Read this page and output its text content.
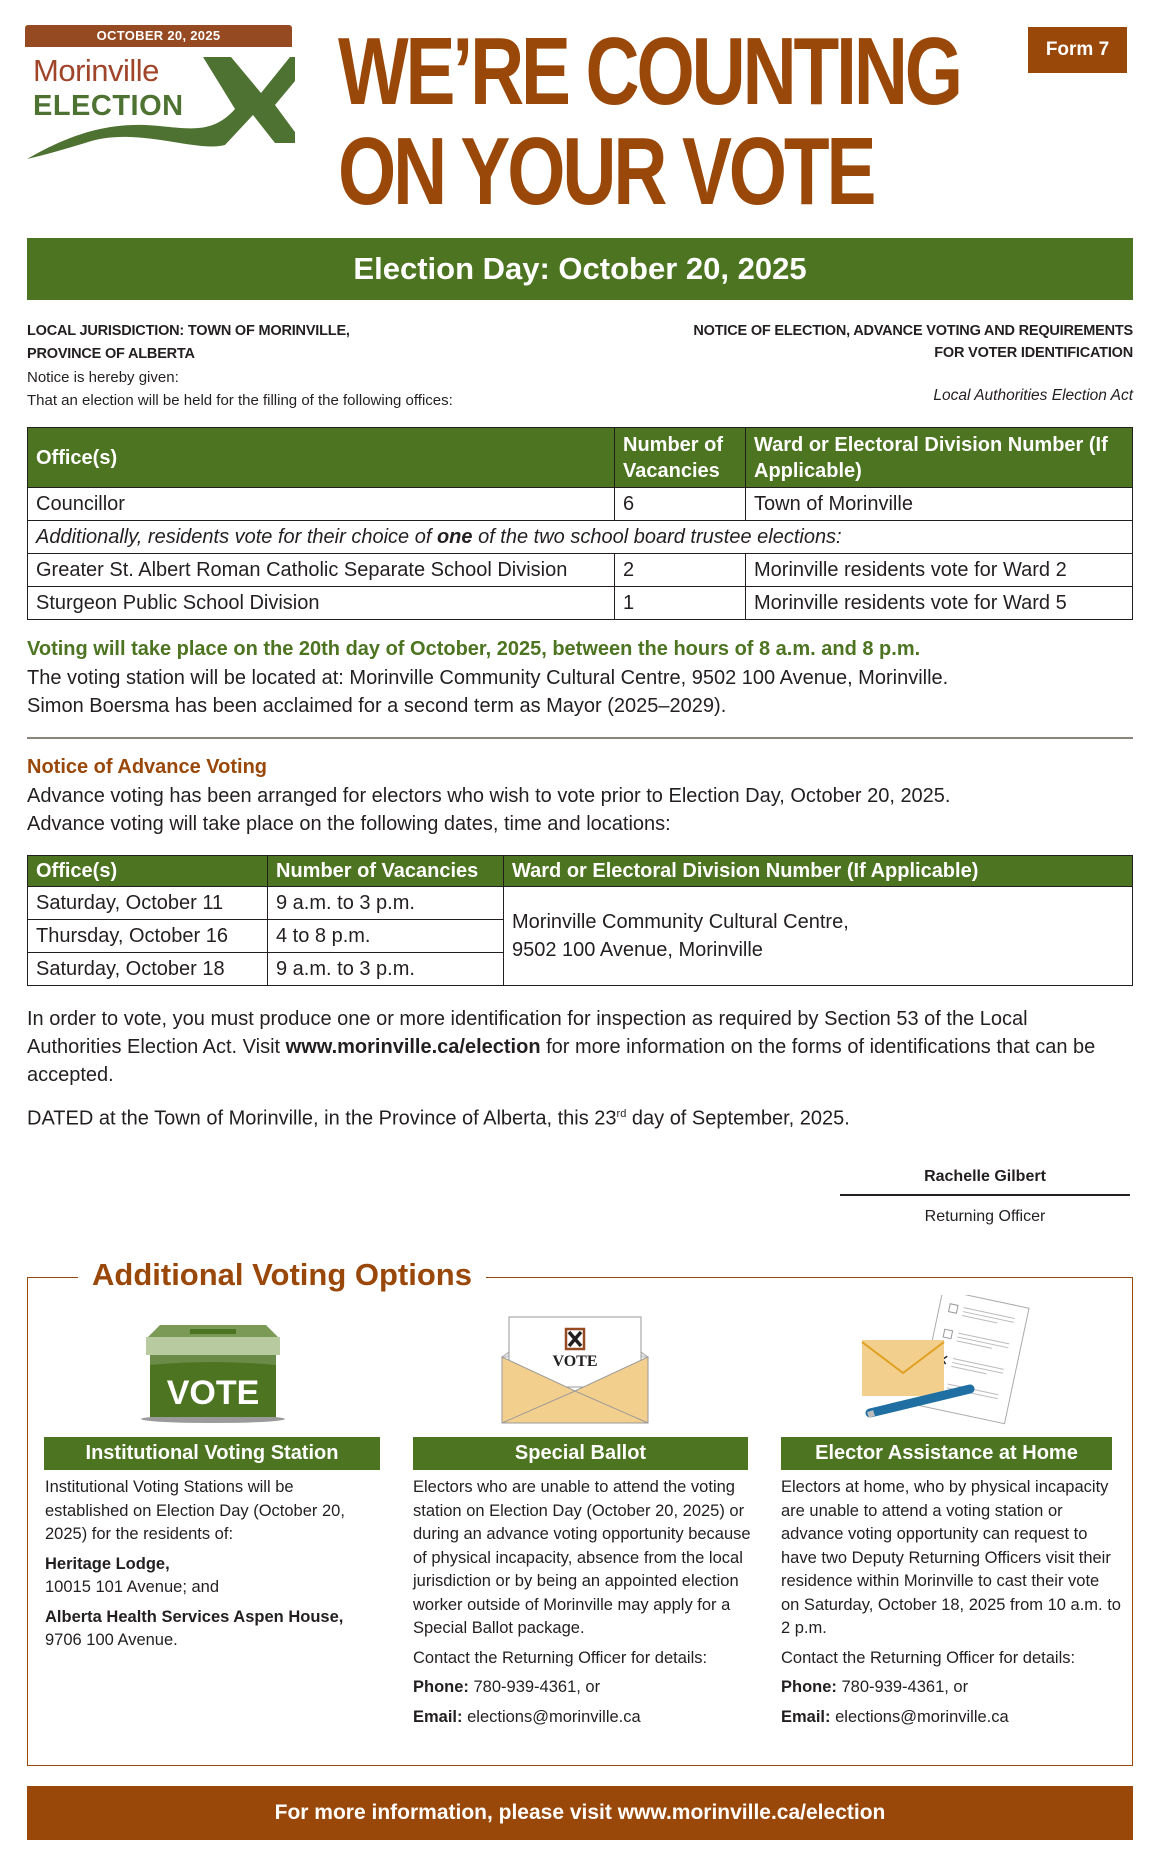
OCTOBER 20, 2025
Morinville
ELECTION WE’RE COUNTING
ON YOUR VOTE
Form 7
Election Day: October 20, 2025
LOCAL JURISDICTION: TOWN OF MORINVILLE,
PROVINCE OF ALBERTA
Notice is hereby given:
That an election will be held for the filling of the following offices:
NOTICE OF ELECTION, ADVANCE VOTING AND REQUIREMENTS
FOR VOTER IDENTIFICATION
Local Authorities Election Act
Office(s)	Number of Vacancies	Ward or Electoral Division Number (If Applicable)
Councillor	6	Town of Morinville
Additionally, residents vote for their choice of one of the two school board trustee elections:		
Greater St. Albert Roman Catholic Separate School Division	2	Morinville residents vote for Ward 2
Sturgeon Public School Division	1	Morinville residents vote for Ward 5
Voting will take place on the 20th day of October, 2025, between the hours of 8 a.m. and 8 p.m.
The voting station will be located at: Morinville Community Cultural Centre, 9502 100 Avenue, Morinville.
Simon Boersma has been acclaimed for a second term as Mayor (2025–2029).
Notice of Advance Voting
Advance voting has been arranged for electors who wish to vote prior to Election Day, October 20, 2025.
Advance voting will take place on the following dates, time and locations:
Office(s)	Number of Vacancies	Ward or Electoral Division Number (If Applicable)
Saturday, October 11	9 a.m. to 3 p.m.	Morinville Community Cultural Centre,
9502 100 Avenue, Morinville

Thursday, October 16	4 to 8 p.m.	
Saturday, October 18	9 a.m. to 3 p.m.	
In order to vote, you must produce one or more identification for inspection as required by Section 53 of the Local Authorities Election Act. Visit www.morinville.ca/election for more information on the forms of identifications that can be accepted.
DATED at the Town of Morinville, in the Province of Alberta, this 23rd day of September, 2025.
Rachelle Gilbert
Returning Officer
Additional Voting Options
VOTE
VOTE
Institutional Voting Station

Institutional Voting Stations will be established on Election Day (October 20, 2025) for the residents of:

Heritage Lodge,
10015 101 Avenue; and

Alberta Health Services Aspen House,
9706 100 Avenue.

Special Ballot

Electors who are unable to attend the voting station on Election Day (October 20, 2025) or during an advance voting opportunity because of physical incapacity, absence from the local jurisdiction or by being an appointed election worker outside of Morinville may apply for a Special Ballot package.

Contact the Returning Officer for details:

Phone: 780-939-4361, or

Email: elections@morinville.ca

Elector Assistance at Home

Electors at home, who by physical incapacity are unable to attend a voting station or advance voting opportunity can request to have two Deputy Returning Officers visit their residence within Morinville to cast their vote on Saturday, October 18, 2025 from 10 a.m. to 2 p.m.

Contact the Returning Officer for details:

Phone: 780-939-4361, or

Email: elections@morinville.ca

For more information, please visit www.morinville.ca/election
